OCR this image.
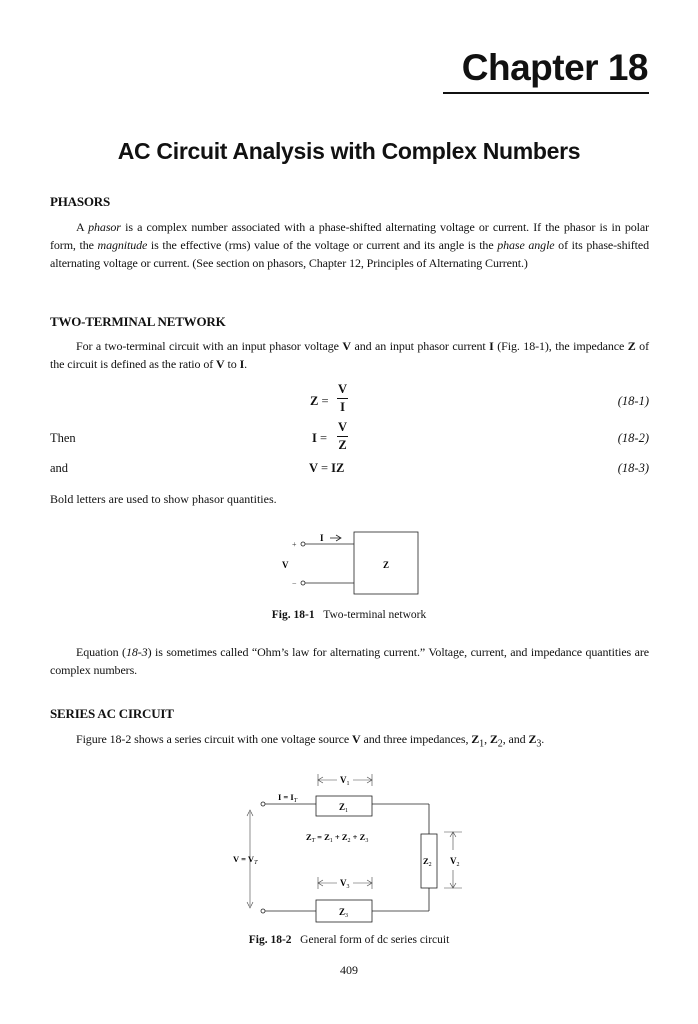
Chapter 18
AC Circuit Analysis with Complex Numbers
PHASORS

A phasor is a complex number associated with a phase-shifted alternating voltage or current. If the phasor is in polar form, the magnitude is the effective (rms) value of the voltage or current and its angle is the phase angle of its phase-shifted alternating voltage or current. (See section on phasors, Chapter 12, Principles of Alternating Current.)

TWO-TERMINAL NETWORK

For a two-terminal circuit with an input phasor voltage V and an input phasor current I (Fig. 18-1), the impedance Z of the circuit is defined as the ratio of V to I.

Z =
V
I	(18-1)
Then	I =
V
Z	(18-2)
and	V = IZ	(18-3)
Bold letters are used to show phasor quantities.
I
+
−
V	Z
Fig. 18-1 Two-terminal network

Equation (18-3) is sometimes called “Ohm’s law for alternating current.” Voltage, current, and impedance quantities are complex numbers.

SERIES AC CIRCUIT

Figure 18-2 shows a series circuit with one voltage source V and three impedances, $Z_1$, $Z_2$, and $Z_3$.

$V_1$
$I = I_T$
$Z_1$
$Z_T = Z_1 + Z_2 + Z_3$
$V = V_T$	$Z_2$ $V_2$
$V_3$
$Z_3$
Fig. 18-2 General form of dc series circuit
409
